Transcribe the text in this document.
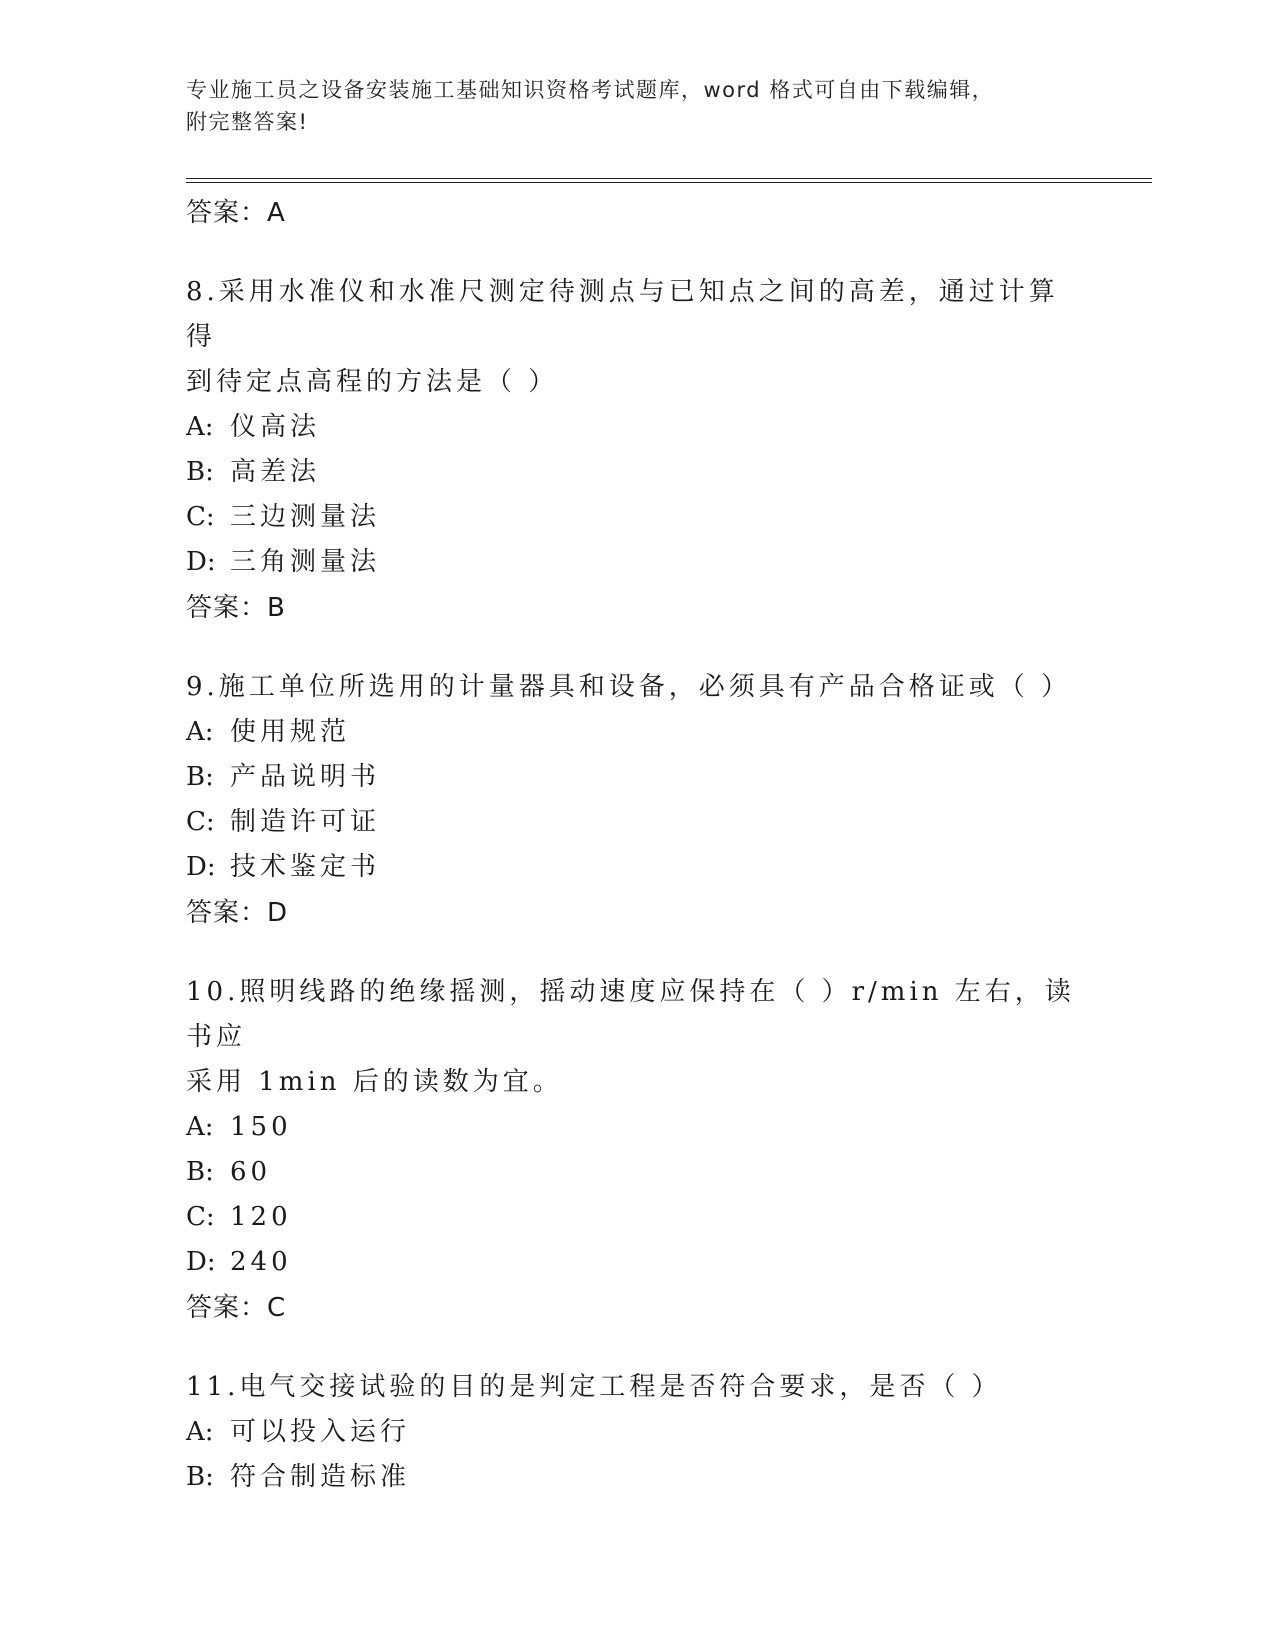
专业施工员之设备安装施工基础知识资格考试题库，word 格式可自由下载编辑，
附完整答案!
答案：A
8.采用水准仪和水准尺测定待测点与已知点之间的高差，通过计算得
到待定点高程的方法是（ ）
A: 仪高法
B: 高差法
C: 三边测量法
D: 三角测量法
答案：B
9.施工单位所选用的计量器具和设备，必须具有产品合格证或（ ）
A: 使用规范
B: 产品说明书
C: 制造许可证
D: 技术鉴定书
答案：D
10.照明线路的绝缘摇测，摇动速度应保持在（ ）r/min 左右，读书应
采用 1min 后的读数为宜。
A: 150
B: 60
C: 120
D: 240
答案：C
11.电气交接试验的目的是判定工程是否符合要求，是否（ ）
A: 可以投入运行
B: 符合制造标准
